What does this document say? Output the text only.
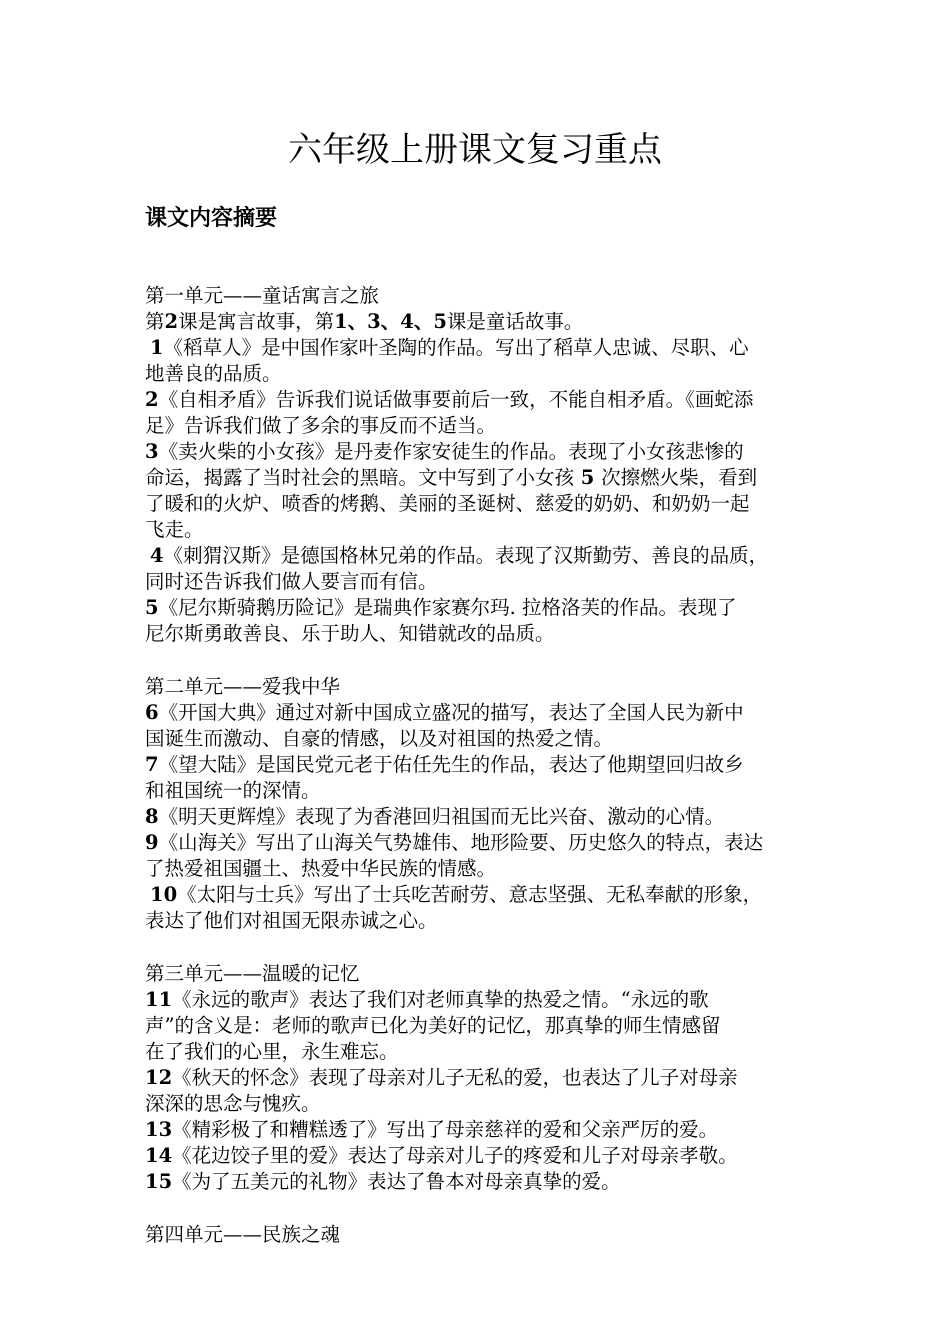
六年级上册课文复习重点
课文内容摘要
第一单元——童话寓言之旅
第2课是寓言故事，第1、3、4、5课是童话故事。
1《稻草人》是中国作家叶圣陶的作品。写出了稻草人忠诚、尽职、心
地善良的品质。
2《自相矛盾》告诉我们说话做事要前后一致，不能自相矛盾。《画蛇添
足》告诉我们做了多余的事反而不适当。
3《卖火柴的小女孩》是丹麦作家安徒生的作品。表现了小女孩悲惨的
命运，揭露了当时社会的黑暗。文中写到了小女孩 5 次擦燃火柴，看到
了暖和的火炉、喷香的烤鹅、美丽的圣诞树、慈爱的奶奶、和奶奶一起
飞走。
4《刺猬汉斯》是德国格林兄弟的作品。表现了汉斯勤劳、善良的品质，
同时还告诉我们做人要言而有信。
5《尼尔斯骑鹅历险记》是瑞典作家赛尔玛. 拉格洛芙的作品。表现了
尼尔斯勇敢善良、乐于助人、知错就改的品质。
第二单元——爱我中华
6《开国大典》通过对新中国成立盛况的描写，表达了全国人民为新中
国诞生而激动、自豪的情感，以及对祖国的热爱之情。
7《望大陆》是国民党元老于佑任先生的作品，表达了他期望回归故乡
和祖国统一的深情。
8《明天更辉煌》表现了为香港回归祖国而无比兴奋、激动的心情。
9《山海关》写出了山海关气势雄伟、地形险要、历史悠久的特点，表达
了热爱祖国疆土、热爱中华民族的情感。
10《太阳与士兵》写出了士兵吃苦耐劳、意志坚强、无私奉献的形象，
表达了他们对祖国无限赤诚之心。
第三单元——温暖的记忆
11《永远的歌声》表达了我们对老师真挚的热爱之情。“永远的歌
声”的含义是：老师的歌声已化为美好的记忆，那真挚的师生情感留
在了我们的心里，永生难忘。
12《秋天的怀念》表现了母亲对儿子无私的爱，也表达了儿子对母亲
深深的思念与愧疚。
13《精彩极了和糟糕透了》写出了母亲慈祥的爱和父亲严厉的爱。
14《花边饺子里的爱》表达了母亲对儿子的疼爱和儿子对母亲孝敬。
15《为了五美元的礼物》表达了鲁本对母亲真挚的爱。
第四单元——民族之魂
